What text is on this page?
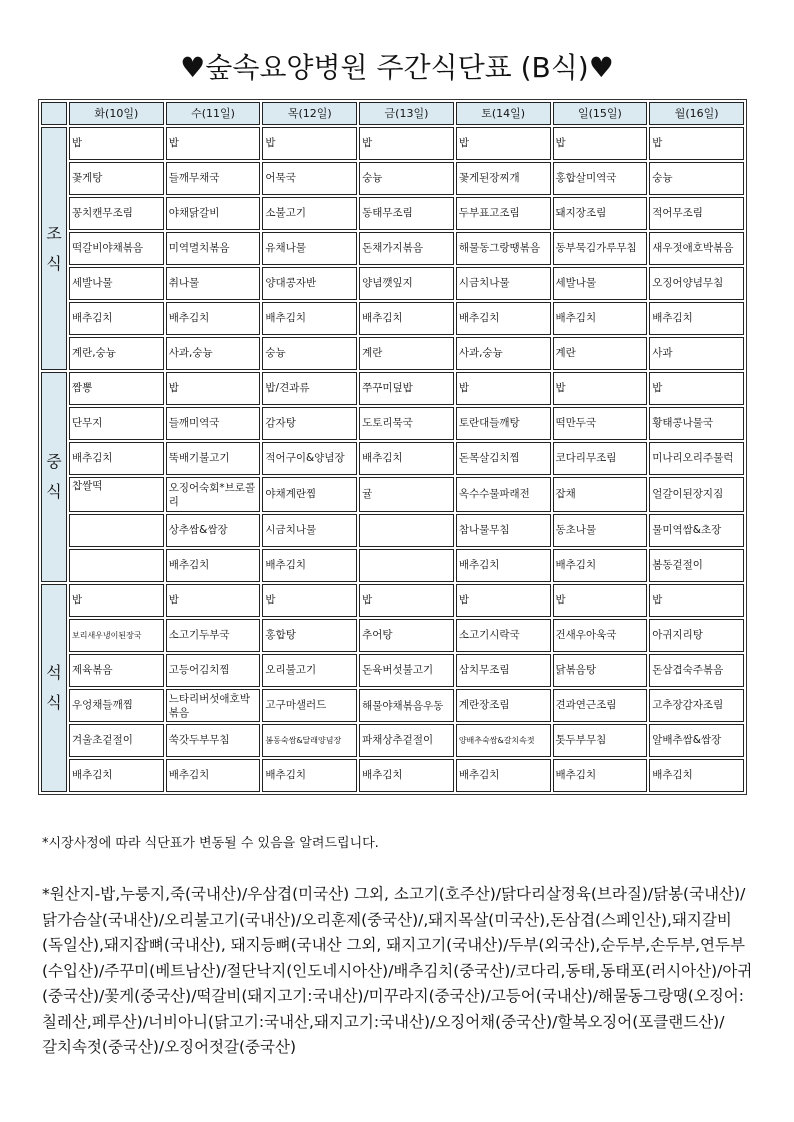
♥숲속요양병원 주간식단표 (B식)♥
	화(10일)	수(11일)	목(12일)	금(13일)	토(14일)	일(15일)	월(16일)

조
식	밥	밥	밥	밥	밥	밥	밥
	꽃게탕	들깨무채국	어묵국	숭늉	꽃게된장찌개	홍합살미역국	숭늉
	꽁치캔무조림	야채닭갈비	소불고기	동태무조림	두부표고조림	돼지장조림	적어무조림
	떡갈비야채볶음	미역멸치볶음	유채나물	돈채가지볶음	해물동그랑땡볶음	동부묵김가루무침	새우젓애호박볶음
	세발나물	취나물	양대콩자반	양념깻잎지	시금치나물	세발나물	오징어양념무침
	배추김치	배추김치	배추김치	배추김치	배추김치	배추김치	배추김치
	계란,숭늉	사과,숭늉	숭늉	계란	사과,숭늉	계란	사과

중
식	짬뽕	밥	밥/견과류	쭈꾸미덮밥	밥	밥	밥
	단무지	들깨미역국	감자탕	도토리묵국	토란대들깨탕	떡만두국	황태콩나물국
	배추김치	뚝배기불고기	적어구이&양념장	배추김치	돈목살김치찜	코다리무조림	미나리오리주물럭
	찹쌀떡	오징어숙회*브로콜리	야채계란찜	귤	옥수수물파래전	잡채	얼갈이된장지짐
		상추쌈&쌈장	시금치나물		참나물무침	동초나물	물미역쌈&초장
		배추김치	배추김치		배추김치	배추김치	봄동겉절이

석
식	밥	밥	밥	밥	밥	밥	밥
	보리새우냉이된장국	소고기두부국	홍합탕	추어탕	소고기시락국	건새우아욱국	아귀지리탕
	제육볶음	고등어김치찜	오리불고기	돈육버섯불고기	삼치무조림	닭볶음탕	돈삼겹숙주볶음
	우엉채들깨찜	느타리버섯애호박볶음	고구마샐러드	해물야채볶음우동	계란장조림	견과연근조림	고추장감자조림
	겨울초겉절이	쑥갓두부무침	봄동숙쌈&달래양념장	파채상추겉절이	양배추숙쌈&갈치속젓	톳두부무침	알배추쌈&쌈장
	배추김치	배추김치	배추김치	배추김치	배추김치	배추김치	배추김치
*시장사정에 따라 식단표가 변동될 수 있음을 알려드립니다.
*원산지-밥,누룽지,죽(국내산)/우삼겹(미국산) 그외, 소고기(호주산)/닭다리살정육(브라질)/닭봉(국내산)/닭가슴살(국내산)/오리불고기(국내산)/오리훈제(중국산)/,돼지목살(미국산),돈삼겹(스페인산),돼지갈비(독일산),돼지잡뼈(국내산), 돼지등뼈(국내산 그외, 돼지고기(국내산)/두부(외국산),순두부,손두부,연두부(수입산)/주꾸미(베트남산)/절단낙지(인도네시아산)/배추김치(중국산)/코다리,동태,동태포(러시아산)/아귀(중국산)/꽃게(중국산)/떡갈비(돼지고기:국내산)/미꾸라지(중국산)/고등어(국내산)/해물동그랑땡(오징어:칠레산,페루산)/너비아니(닭고기:국내산,돼지고기:국내산)/오징어채(중국산)/할복오징어(포클랜드산)/갈치속젓(중국산)/오징어젓갈(중국산)
